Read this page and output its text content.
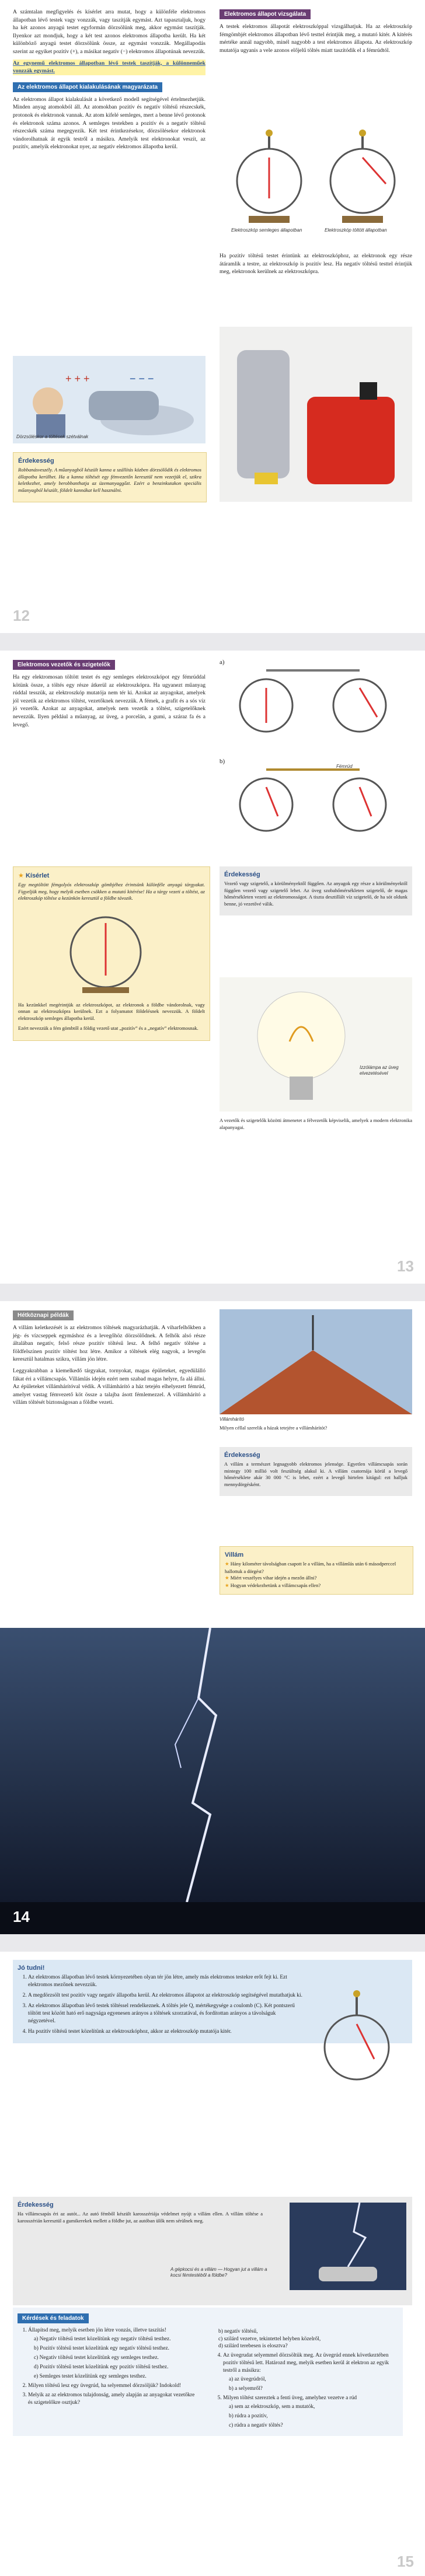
A számtalan megfigyelés és kísérlet arra mutat, hogy a különféle elektromos állapotban lévő testek vagy vonzzák, vagy taszítják egymást. Azt tapasztaljuk, hogy ha két azonos anyagú testet egyformán dörzsölünk meg, akkor egymást taszítják. Ilyenkor azt mondjuk, hogy a két test azonos elektromos állapotba került. Ha két különböző anyagú testet dörzsölünk össze, az egymást vonzzák. Megállapodás szerint az egyiket pozitív (+), a másikat negatív (−) elektromos állapotúnak nevezzük.

Az egynemű elektromos állapotban lévő testek taszítják, a különneműek vonzzák egymást.

Az elektromos állapot kialakulásának magyarázata

Az elektromos állapot kialakulását a következő modell segítségével értelmezhetjük. Minden anyag atomokból áll. Az atomokban pozitív és negatív töltésű részecskék, protonok és elektronok vannak. Az atom kifelé semleges, mert a benne lévő protonok és elektronok száma azonos. A semleges testekben a pozitív és a negatív töltésű részecskék száma megegyezik. Két test érintkezésekor, dörzsölésekor elektronok vándorolhatnak át egyik testről a másikra. Amelyik test elektronokat veszít, az pozitív, amelyik elektronokat nyer, az negatív elektromos állapotba kerül.

+ + +	− − −
Dörzsöléskor a töltések szétválnak
Érdekesség

Robbanásveszély. A műanyagból készült kanna a szállítás közben dörzsölődik és elektromos állapotba kerülhet. Ha a kanna töltését egy fémvezetőn keresztül nem vezetjük el, szikra keletkezhet, amely berobbanthatja az üzemanyaggőzt. Ezért a benzinkutakon speciális műanyagból készült, földelt kannákat kell használni.

Elektromos állapot vizsgálata

A testek elektromos állapotát elektroszkóppal vizsgálhatjuk. Ha az elektroszkóp fémgömbjét elektromos állapotban lévő testtel érintjük meg, a mutató kitér. A kitérés mértéke annál nagyobb, minél nagyobb a test elektromos állapota. Az elektroszkóp mutatója ugyanis a vele azonos előjelű töltés miatt taszítódik el a fémrúdtól.

Elektroszkóp semleges állapotban	Elektroszkóp töltött állapotban

Ha pozitív töltésű testet érintünk az elektroszkóphoz, az elektronok egy része átáramlik a testre, az elektroszkóp is pozitív lesz. Ha negatív töltésű testtel érintjük meg, elektronok kerülnek az elektroszkópra.

12
Elektromos vezetők és szigetelők

Ha egy elektromosan töltött testet és egy semleges elektroszkópot egy fémrúddal kötünk össze, a töltés egy része átkerül az elektroszkópra. Ha ugyanezt műanyag rúddal tesszük, az elektroszkóp mutatója nem tér ki. Azokat az anyagokat, amelyek jól vezetik az elektromos töltést, vezetőknek nevezzük. A fémek, a grafit és a sós víz jó vezetők. Azokat az anyagokat, amelyek nem vezetik a töltést, szigetelőknek nevezzük. Ilyen például a műanyag, az üveg, a porcelán, a gumi, a száraz fa és a levegő.

a)
b)
Fémrúd
★ Kísérlet

Egy megtöltött fémgolyós elektroszkóp gömbjéhez érintsünk különféle anyagú tárgyakat. Figyeljük meg, hogy melyik esetben csökken a mutató kitérése! Ha a tárgy vezeti a töltést, az elektroszkóp töltése a kezünkön keresztül a földbe távozik.

Ha kezünkkel megérintjük az elektroszkópot, az elektronok a földbe vándorolnak, vagy onnan az elektroszkópra kerülnek. Ezt a folyamatot földelésnek nevezzük. A földelt elektroszkóp semleges állapotba kerül.

Ezért nevezzük a fém gömbtől a földig vezető utat „pozitív” és a „negatív” elektromosnak.

Érdekesség

Vezető vagy szigetelő, a körülményektől függően. Az anyagok egy része a körülményektől függően vezető vagy szigetelő lehet. Az üveg szobahőmérsékleten szigetelő, de magas hőmérsékleten vezeti az elektromosságot. A tiszta desztillált víz szigetelő, de ha sót oldunk benne, jó vezetővé válik.

Izzólámpa az üveg elvezetésével

A vezetők és szigetelők közötti átmenetet a félvezetők képviselik, amelyek a modern elektronika alapanyagai.

13
Hétköznapi példák

A villám keletkezését is az elektromos töltések magyarázhatják. A viharfelhőkben a jég- és vízcseppek egymáshoz és a levegőhöz dörzsölődnek. A felhők alsó része általában negatív, felső része pozitív töltésű lesz. A felhő negatív töltése a földfelszínen pozitív töltést hoz létre. Amikor a töltések elég nagyok, a levegőn keresztül hatalmas szikra, villám jön létre.

Leggyakrabban a kiemelkedő tárgyakat, tornyokat, magas épületeket, egyedülálló fákat éri a villámcsapás. Villámlás idején ezért nem szabad magas helyre, fa alá állni. Az épületeket villámhárítóval védik. A villámhárító a ház tetején elhelyezett fémrúd, amelyet vastag fémvezető köt össze a talajba ásott fémlemezzel. A villámhárító a villám töltését biztonságosan a földbe vezeti.

Villámhárító

Milyen céllal szerelik a házak tetejére a villámhárítót?

Érdekesség

A villám a természet legnagyobb elektromos jelensége. Egyetlen villámcsapás során mintegy 100 millió volt feszültség alakul ki. A villám csatornája körül a levegő hőmérséklete akár 30 000 °C is lehet, ezért a levegő hirtelen kitágul: ezt halljuk mennydörgésként.

Villám
★ Hány kilométer távolságban csapott le a villám, ha a villámlás után 6 másodperccel hallottuk a dörgést?
★ Miért veszélyes vihar idején a mezőn állni?
★ Hogyan védekezhetünk a villámcsapás ellen?
14
Jó tudni!
1. Az elektromos állapotban lévő testek környezetében olyan tér jön létre, amely más elektromos testekre erőt fejt ki. Ezt elektromos mezőnek nevezzük.
2. A megdörzsölt test pozitív vagy negatív állapotba kerül. Az elektromos állapotot az elektroszkóp segítségével mutathatjuk ki.
3. Az elektromos állapotban lévő testek töltéssel rendelkeznek. A töltés jele Q, mértékegysége a coulomb (C). Két pontszerű töltött test között ható erő nagysága egyenesen arányos a töltések szorzatával, és fordítottan arányos a távolságuk négyzetével.
4. Ha pozitív töltésű testet közelítünk az elektroszkóphoz, akkor az elektroszkóp mutatója kitér.
Érdekesség

Ha villámcsapás éri az autót... Az autó fémből készült karosszériája védelmet nyújt a villám ellen. A villám töltése a karosszérián keresztül a gumikerekek mellett a földbe jut, az autóban ülők nem sérülnek meg.

A gépkocsi és a villám — Hogyan jut a villám a kocsi fémtestéből a földbe?
Kérdések és feladatok
1. Állapítsd meg, melyik esetben jön létre vonzás, illetve taszítás!
a) Negatív töltésű testet közelítünk egy negatív töltésű testhez.
b) Pozitív töltésű testet közelítünk egy negatív töltésű testhez.
c) Negatív töltésű testet közelítünk egy semleges testhez.
d) Pozitív töltésű testet közelítünk egy pozitív töltésű testhez.
e) Semleges testet közelítünk egy semleges testhez.
2. Milyen töltésű lesz egy üvegrúd, ha selyemmel dörzsöljük? Indokold!
3. Melyik az az elektromos tulajdonság, amely alapján az anyagokat vezetőkre és szigetelőkre osztjuk?
b) negatív töltésű,
c) szilárd vezetve, tekintettel helyben közelről,
d) szilárd terebesen is elosztva?
4. Az üvegrudat selyemmel dörzsöltük meg. Az üvegrúd ennek következtében pozitív töltésű lett. Határozd meg, melyik esetben kerül át elektron az egyik testről a másikra:
a) az üvegrúdról,
b) a selyemről?
5. Milyen töltést szereztek a fenti üveg, amelyhez vezetve a rúd
a) sem az elektroszkóp, sem a mutatók,
b) rúdra a pozitív,
c) rúdra a negatív töltés?
15
